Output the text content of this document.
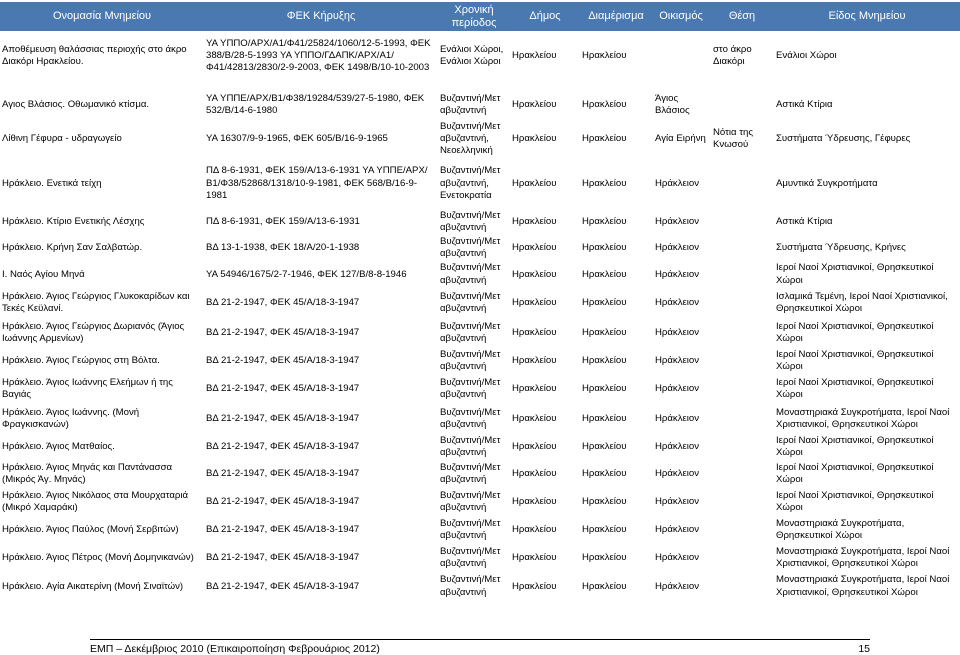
Ονομασία Μνημείου	ΦΕΚ Κήρυξης	Χρονική περίοδος	Δήμος	Διαμέρισμα	Οικισμός	Θέση	Είδος Μνημείου
Αποθέμευση θαλάσσιας περιοχής στο άκρο Διακόρι Ηρακλείου.	ΥΑ ΥΠΠΟ/ΑΡΧ/Α1/Φ41/25824/1060/12-5-1993, ΦΕΚ 388/Β/28-5-1993 ΥΑ ΥΠΠΟ/ΓΔΑΠΚ/ΑΡΧ/Α1/Φ41/42813/2830/2-9-2003, ΦΕΚ 1498/Β/10-10-2003	Ενάλιοι Χώροι, Ενάλιοι Χώροι	Ηρακλείου	Ηρακλείου		στο άκρο Διακόρι	Ενάλιοι Χώροι

Αγιος Βλάσιος. Οθωμανικό κτίσμα.	ΥΑ ΥΠΠΕ/ΑΡΧ/Β1/Φ38/19284/539/27-5-1980, ΦΕΚ 532/Β/14-6-1980	Βυζαντινή/Μετ αβυζαντινή	Ηρακλείου	Ηρακλείου	Άγιος Βλάσιος		Αστικά Κτίρια
Λίθινη Γέφυρα - υδραγωγείο	ΥΑ 16307/9-9-1965, ΦΕΚ 605/Β/16-9-1965	Βυζαντινή/Μετ αβυζαντινή, Νεοελληνική	Ηρακλείου	Ηρακλείου	Αγία Ειρήνη	Νότια της Κνωσού	Συστήματα Ύδρευσης, Γέφυρες
Ηράκλειο. Ενετικά τείχη	ΠΔ 8-6-1931, ΦΕΚ 159/Α/13-6-1931 ΥΑ ΥΠΠΕ/ΑΡΧ/Β1/Φ38/52868/1318/10-9-1981, ΦΕΚ 568/Β/16-9-1981	Βυζαντινή/Μετ αβυζαντινή, Ενετοκρατία	Ηρακλείου	Ηρακλείου	Ηράκλειον		Αμυντικά Συγκροτήματα
Ηράκλειο. Κτίριο Ενετικής Λέσχης	ΠΔ 8-6-1931, ΦΕΚ 159/Α/13-6-1931	Βυζαντινή/Μετ αβυζαντινή	Ηρακλείου	Ηρακλείου	Ηράκλειον		Αστικά Κτίρια
Ηράκλειο. Κρήνη Σαν Σαλβατώρ.	ΒΔ 13-1-1938, ΦΕΚ 18/Α/20-1-1938	Βυζαντινή/Μετ αβυζαντινή	Ηρακλείου	Ηρακλείου	Ηράκλειον		Συστήματα Ύδρευσης, Κρήνες
Ι. Ναός Αγίου Μηνά	ΥΑ 54946/1675/2-7-1946, ΦΕΚ 127/Β/8-8-1946	Βυζαντινή/Μετ αβυζαντινή	Ηρακλείου	Ηρακλείου	Ηράκλειον		Ιεροί Ναοί Χριστιανικοί, Θρησκευτικοί Χώροι
Ηράκλειο. Άγιος Γεώργιος Γλυκοκαρίδων και Τεκές Κεϋλανί.	ΒΔ 21-2-1947, ΦΕΚ 45/Α/18-3-1947	Βυζαντινή/Μετ αβυζαντινή	Ηρακλείου	Ηρακλείου	Ηράκλειον		Ισλαμικά Τεμένη, Ιεροί Ναοί Χριστιανικοί, Θρησκευτικοί Χώροι
Ηράκλειο. Άγιος Γεώργιος Δωριανός (Άγιος Ιωάννης Αρμενίων)	ΒΔ 21-2-1947, ΦΕΚ 45/Α/18-3-1947	Βυζαντινή/Μετ αβυζαντινή	Ηρακλείου	Ηρακλείου	Ηράκλειον		Ιεροί Ναοί Χριστιανικοί, Θρησκευτικοί Χώροι
Ηράκλειο. Άγιος Γεώργιος στη Βόλτα.	ΒΔ 21-2-1947, ΦΕΚ 45/Α/18-3-1947	Βυζαντινή/Μετ αβυζαντινή	Ηρακλείου	Ηρακλείου	Ηράκλειον		Ιεροί Ναοί Χριστιανικοί, Θρησκευτικοί Χώροι
Ηράκλειο. Άγιος Ιωάννης Ελεήμων ή της Βαγιάς	ΒΔ 21-2-1947, ΦΕΚ 45/Α/18-3-1947	Βυζαντινή/Μετ αβυζαντινή	Ηρακλείου	Ηρακλείου	Ηράκλειον		Ιεροί Ναοί Χριστιανικοί, Θρησκευτικοί Χώροι
Ηράκλειο. Άγιος Ιωάννης. (Μονή Φραγκισκανών)	ΒΔ 21-2-1947, ΦΕΚ 45/Α/18-3-1947	Βυζαντινή/Μετ αβυζαντινή	Ηρακλείου	Ηρακλείου	Ηράκλειον		Μοναστηριακά Συγκροτήματα, Ιεροί Ναοί Χριστιανικοί, Θρησκευτικοί Χώροι
Ηράκλειο. Άγιος Ματθαίος.	ΒΔ 21-2-1947, ΦΕΚ 45/Α/18-3-1947	Βυζαντινή/Μετ αβυζαντινή	Ηρακλείου	Ηρακλείου	Ηράκλειον		Ιεροί Ναοί Χριστιανικοί, Θρησκευτικοί Χώροι
Ηράκλειο. Άγιος Μηνάς και Παντάνασσα (Μικρός Άγ. Μηνάς)	ΒΔ 21-2-1947, ΦΕΚ 45/Α/18-3-1947	Βυζαντινή/Μετ αβυζαντινή	Ηρακλείου	Ηρακλείου	Ηράκλειον		Ιεροί Ναοί Χριστιανικοί, Θρησκευτικοί Χώροι
Ηράκλειο. Άγιος Νικόλαος στα Μουρχαταριά (Μικρό Χαμαράκι)	ΒΔ 21-2-1947, ΦΕΚ 45/Α/18-3-1947	Βυζαντινή/Μετ αβυζαντινή	Ηρακλείου	Ηρακλείου	Ηράκλειον		Ιεροί Ναοί Χριστιανικοί, Θρησκευτικοί Χώροι
Ηράκλειο. Άγιος Παύλος (Μονή Σερβιτών)	ΒΔ 21-2-1947, ΦΕΚ 45/Α/18-3-1947	Βυζαντινή/Μετ αβυζαντινή	Ηρακλείου	Ηρακλείου	Ηράκλειον		Μοναστηριακά Συγκροτήματα, Θρησκευτικοί Χώροι
Ηράκλειο. Άγιος Πέτρος (Μονή Δομηνικανών)	ΒΔ 21-2-1947, ΦΕΚ 45/Α/18-3-1947	Βυζαντινή/Μετ αβυζαντινή	Ηρακλείου	Ηρακλείου	Ηράκλειον		Μοναστηριακά Συγκροτήματα, Ιεροί Ναοί Χριστιανικοί, Θρησκευτικοί Χώροι
Ηράκλειο. Αγία Αικατερίνη (Μονή Σιναϊτών)	ΒΔ 21-2-1947, ΦΕΚ 45/Α/18-3-1947	Βυζαντινή/Μετ αβυζαντινή	Ηρακλείου	Ηρακλείου	Ηράκλειον		Μοναστηριακά Συγκροτήματα, Ιεροί Ναοί Χριστιανικοί, Θρησκευτικοί Χώροι
ΕΜΠ – Δεκέμβριος 2010 (Επικαιροποίηση Φεβρουάριος 2012)	15
